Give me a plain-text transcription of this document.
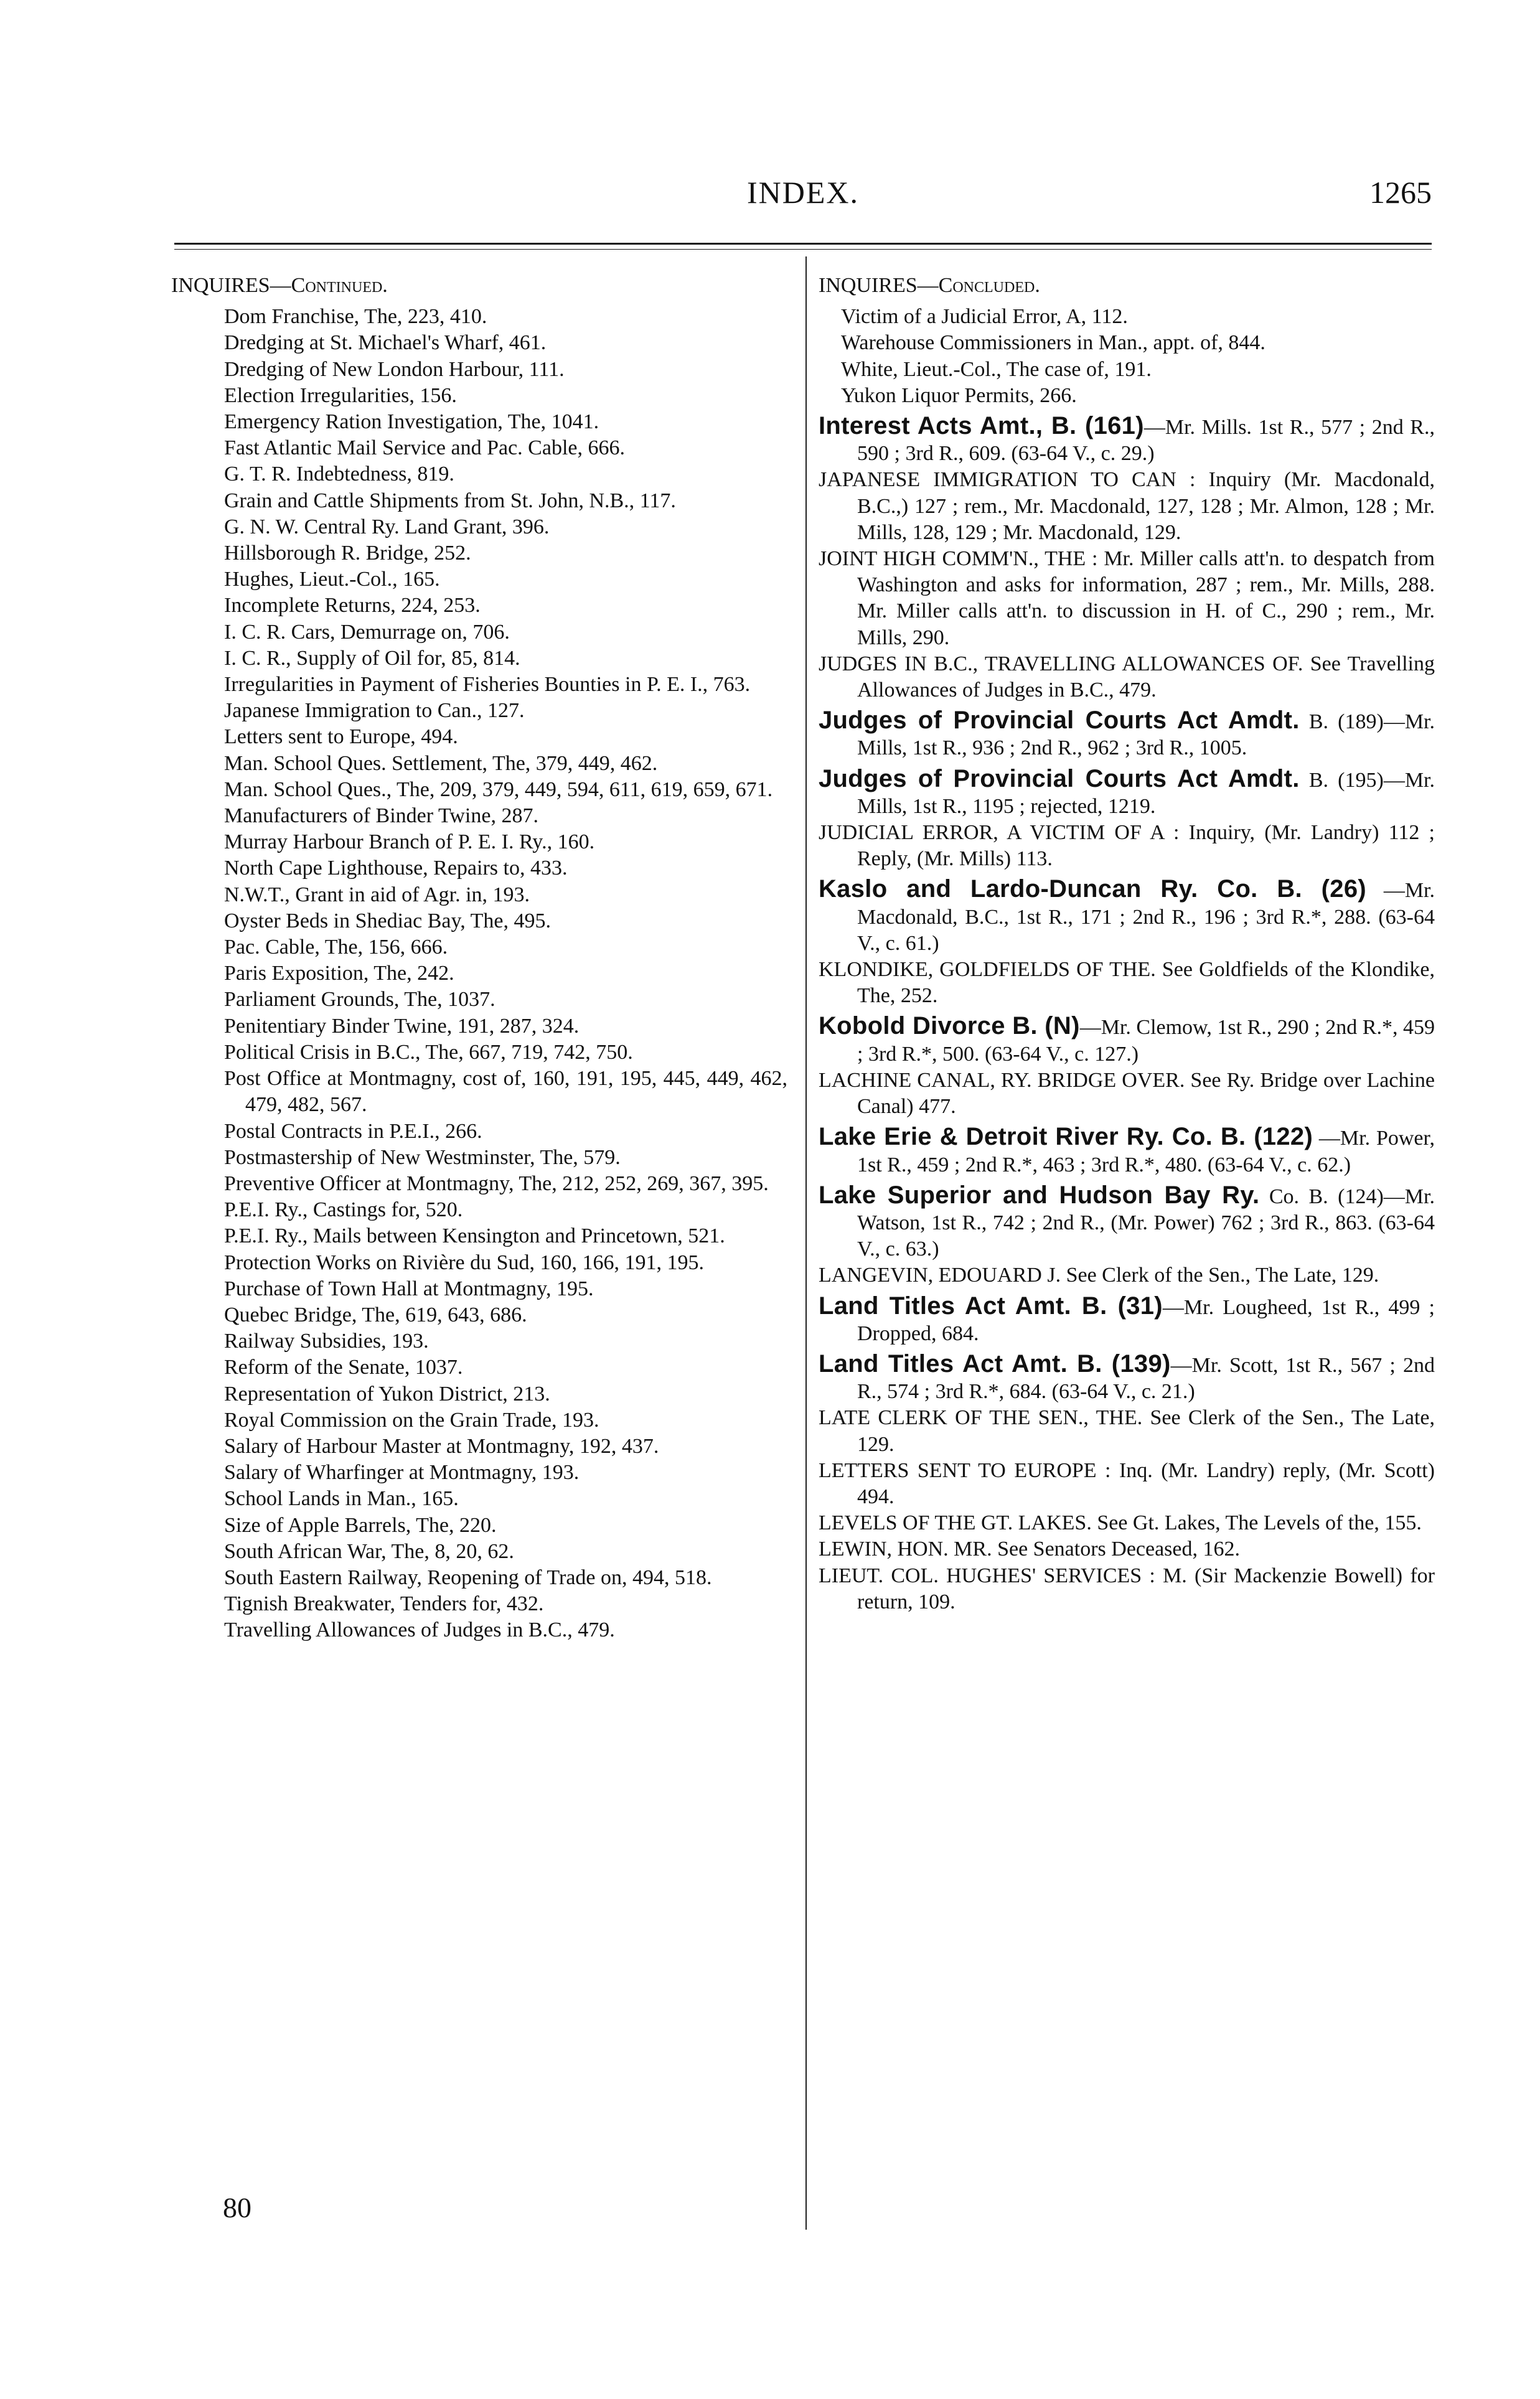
INDEX.	1265
INQUIRES—Continued.
Dom Franchise, The, 223, 410.
Dredging at St. Michael's Wharf, 461.
Dredging of New London Harbour, 111.
Election Irregularities, 156.
Emergency Ration Investigation, The, 1041.
Fast Atlantic Mail Service and Pac. Cable, 666.
G. T. R. Indebtedness, 819.
Grain and Cattle Shipments from St. John, N.B., 117.
G. N. W. Central Ry. Land Grant, 396.
Hillsborough R. Bridge, 252.
Hughes, Lieut.-Col., 165.
Incomplete Returns, 224, 253.
I. C. R. Cars, Demurrage on, 706.
I. C. R., Supply of Oil for, 85, 814.
Irregularities in Payment of Fisheries Bounties in P. E. I., 763.
Japanese Immigration to Can., 127.
Letters sent to Europe, 494.
Man. School Ques. Settlement, The, 379, 449, 462.
Man. School Ques., The, 209, 379, 449, 594, 611, 619, 659, 671.
Manufacturers of Binder Twine, 287.
Murray Harbour Branch of P. E. I. Ry., 160.
North Cape Lighthouse, Repairs to, 433.
N.W.T., Grant in aid of Agr. in, 193.
Oyster Beds in Shediac Bay, The, 495.
Pac. Cable, The, 156, 666.
Paris Exposition, The, 242.
Parliament Grounds, The, 1037.
Penitentiary Binder Twine, 191, 287, 324.
Political Crisis in B.C., The, 667, 719, 742, 750.
Post Office at Montmagny, cost of, 160, 191, 195, 445, 449, 462, 479, 482, 567.
Postal Contracts in P.E.I., 266.
Postmastership of New Westminster, The, 579.
Preventive Officer at Montmagny, The, 212, 252, 269, 367, 395.
P.E.I. Ry., Castings for, 520.
P.E.I. Ry., Mails between Kensington and Princetown, 521.
Protection Works on Rivière du Sud, 160, 166, 191, 195.
Purchase of Town Hall at Montmagny, 195.
Quebec Bridge, The, 619, 643, 686.
Railway Subsidies, 193.
Reform of the Senate, 1037.
Representation of Yukon District, 213.
Royal Commission on the Grain Trade, 193.
Salary of Harbour Master at Montmagny, 192, 437.
Salary of Wharfinger at Montmagny, 193.
School Lands in Man., 165.
Size of Apple Barrels, The, 220.
South African War, The, 8, 20, 62.
South Eastern Railway, Reopening of Trade on, 494, 518.
Tignish Breakwater, Tenders for, 432.
Travelling Allowances of Judges in B.C., 479.
INQUIRES—Concluded.
Victim of a Judicial Error, A, 112.
Warehouse Commissioners in Man., appt. of, 844.
White, Lieut.-Col., The case of, 191.
Yukon Liquor Permits, 266.
Interest Acts Amt., B. (161)—Mr. Mills. 1st R., 577 ; 2nd R., 590 ; 3rd R., 609. (63-64 V., c. 29.)
JAPANESE IMMIGRATION TO CAN : Inquiry (Mr. Macdonald, B.C.,) 127 ; rem., Mr. Macdonald, 127, 128 ; Mr. Almon, 128 ; Mr. Mills, 128, 129 ; Mr. Macdonald, 129.
JOINT HIGH COMM'N., THE : Mr. Miller calls att'n. to despatch from Washington and asks for information, 287 ; rem., Mr. Mills, 288. Mr. Miller calls att'n. to discussion in H. of C., 290 ; rem., Mr. Mills, 290.
JUDGES IN B.C., TRAVELLING ALLOWANCES OF. See Travelling Allowances of Judges in B.C., 479.
Judges of Provincial Courts Act Amdt. B. (189)—Mr. Mills, 1st R., 936 ; 2nd R., 962 ; 3rd R., 1005.
Judges of Provincial Courts Act Amdt. B. (195)—Mr. Mills, 1st R., 1195 ; rejected, 1219.
JUDICIAL ERROR, A VICTIM OF A : Inquiry, (Mr. Landry) 112 ; Reply, (Mr. Mills) 113.
Kaslo and Lardo-Duncan Ry. Co. B. (26) —Mr. Macdonald, B.C., 1st R., 171 ; 2nd R., 196 ; 3rd R.*, 288. (63-64 V., c. 61.)
KLONDIKE, GOLDFIELDS OF THE. See Goldfields of the Klondike, The, 252.
Kobold Divorce B. (N)—Mr. Clemow, 1st R., 290 ; 2nd R.*, 459 ; 3rd R.*, 500. (63-64 V., c. 127.)
LACHINE CANAL, RY. BRIDGE OVER. See Ry. Bridge over Lachine Canal) 477.
Lake Erie & Detroit River Ry. Co. B. (122) —Mr. Power, 1st R., 459 ; 2nd R.*, 463 ; 3rd R.*, 480. (63-64 V., c. 62.)
Lake Superior and Hudson Bay Ry. Co. B. (124)—Mr. Watson, 1st R., 742 ; 2nd R., (Mr. Power) 762 ; 3rd R., 863. (63-64 V., c. 63.)
LANGEVIN, EDOUARD J. See Clerk of the Sen., The Late, 129.
Land Titles Act Amt. B. (31)—Mr. Lougheed, 1st R., 499 ; Dropped, 684.
Land Titles Act Amt. B. (139)—Mr. Scott, 1st R., 567 ; 2nd R., 574 ; 3rd R.*, 684. (63-64 V., c. 21.)
LATE CLERK OF THE SEN., THE. See Clerk of the Sen., The Late, 129.
LETTERS SENT TO EUROPE : Inq. (Mr. Landry) reply, (Mr. Scott) 494.
LEVELS OF THE GT. LAKES. See Gt. Lakes, The Levels of the, 155.
LEWIN, HON. MR. See Senators Deceased, 162.
LIEUT. COL. HUGHES' SERVICES : M. (Sir Mackenzie Bowell) for return, 109.
80
